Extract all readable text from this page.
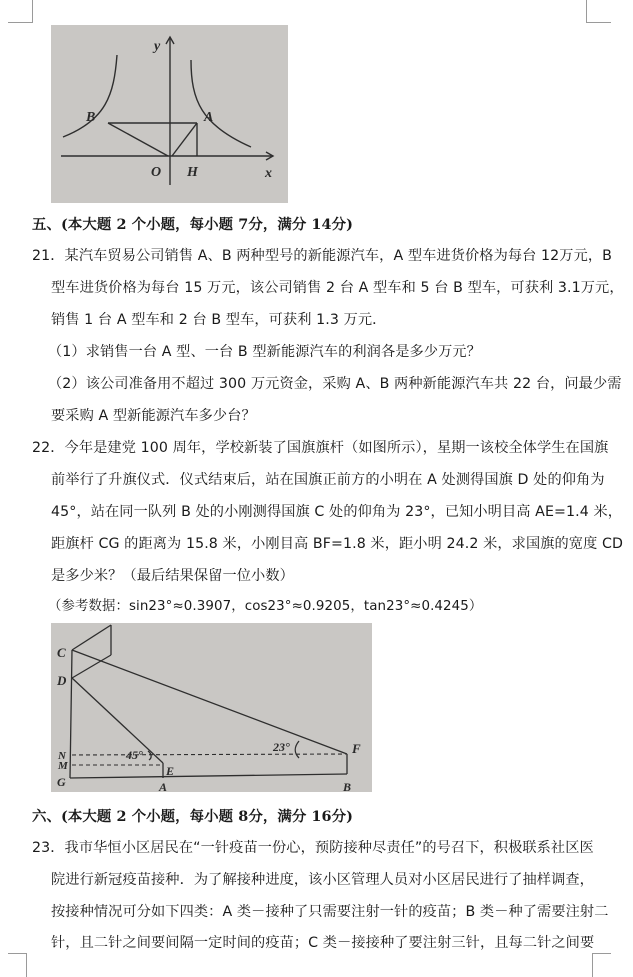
y
B	A
O H	x
五、(本大题 2 个小题，每小题 7分，满分 14分)
21．某汽车贸易公司销售 A、B 两种型号的新能源汽车，A 型车进货价格为每台 12万元，B
型车进货价格为每台 15 万元，该公司销售 2 台 A 型车和 5 台 B 型车，可获利 3.1万元，
销售 1 台 A 型车和 2 台 B 型车，可获利 1.3 万元．
（1）求销售一台 A 型、一台 B 型新能源汽车的利润各是多少万元？
（2）该公司准备用不超过 300 万元资金，采购 A、B 两种新能源汽车共 22 台，问最少需
要采购 A 型新能源汽车多少台？
22．今年是建党 100 周年，学校新装了国旗旗杆（如图所示），星期一该校全体学生在国旗
前举行了升旗仪式．仪式结束后，站在国旗正前方的小明在 A 处测得国旗 D 处的仰角为
45°，站在同一队列 B 处的小刚测得国旗 C 处的仰角为 23°，已知小明目高 AE=1.4 米，
距旗杆 CG 的距离为 15.8 米，小刚目高 BF=1.8 米，距小明 24.2 米，求国旗的宽度 CD
是多少米？（最后结果保留一位小数）
（参考数据：sin23°≈0.3907，cos23°≈0.9205，tan23°≈0.4245）
C
D
N
M
G	A
E
F
B
45°
23°
六、(本大题 2 个小题，每小题 8分，满分 16分)
23．我市华恒小区居民在“一针疫苗一份心，预防接种尽责任”的号召下，积极联系社区医
院进行新冠疫苗接种．为了解接种进度，该小区管理人员对小区居民进行了抽样调查，
按接种情况可分如下四类：A 类－接种了只需要注射一针的疫苗；B 类－种了需要注射二
针，且二针之间要间隔一定时间的疫苗；C 类－接接种了要注射三针，且每二针之间要
